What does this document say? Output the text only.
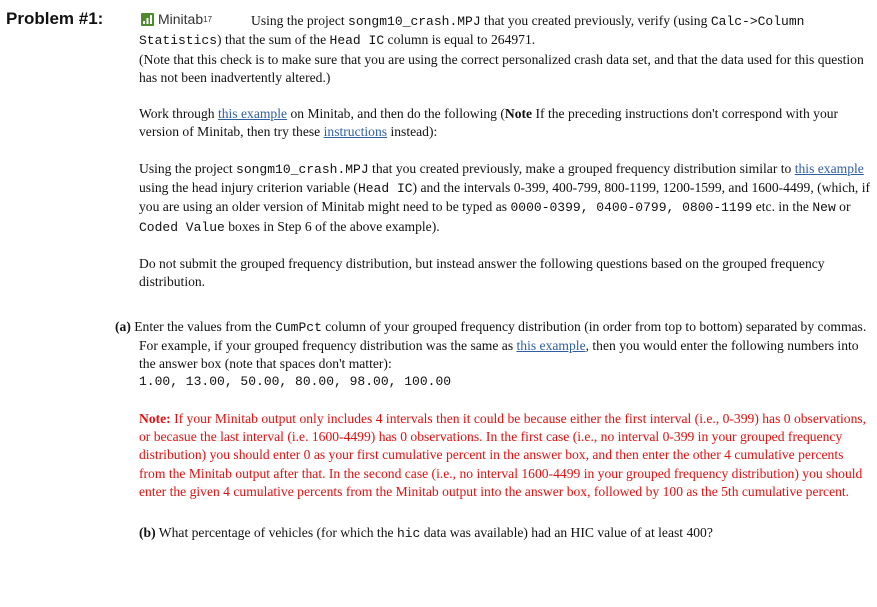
Problem #1:	Minitab 17	Using the project songm10_crash.MPJ that you created previously, verify (using Calc->Column Statistics) that the sum of the Head IC column is equal to 264971.

(Note that this check is to make sure that you are using the correct personalized crash data set, and that the data used for this question has not been inadvertently altered.)

Work through this example on Minitab, and then do the following (Note If the preceding instructions don't correspond with your version of Minitab, then try these instructions instead):

Using the project songm10_crash.MPJ that you created previously, make a grouped frequency distribution similar to this example using the head injury criterion variable (Head IC) and the intervals 0-399, 400-799, 800-1199, 1200-1599, and 1600-4499, (which, if you are using an older version of Minitab might need to be typed as 0000-0399, 0400-0799, 0800-1199 etc. in the New or Coded Value boxes in Step 6 of the above example).

Do not submit the grouped frequency distribution, but instead answer the following questions based on the grouped frequency distribution.

(a) Enter the values from the CumPct column of your grouped frequency distribution (in order from top to bottom) separated by commas. For example, if your grouped frequency distribution was the same as this example, then you would enter the following numbers into the answer box (note that spaces don't matter):

1.00, 13.00, 50.00, 80.00, 98.00, 100.00

Note: If your Minitab output only includes 4 intervals then it could be because either the first interval (i.e., 0-399) has 0 observations, or becasue the last interval (i.e. 1600-4499) has 0 observations. In the first case (i.e., no interval 0-399 in your grouped frequency distribution) you should enter 0 as your first cumulative percent in the answer box, and then enter the other 4 cumulative percents from the Minitab output after that. In the second case (i.e., no interval 1600-4499 in your grouped frequency distribution) you should enter the given 4 cumulative percents from the Minitab output into the answer box, followed by 100 as the 5th cumulative percent.

(b) What percentage of vehicles (for which the hic data was available) had an HIC value of at least 400?
